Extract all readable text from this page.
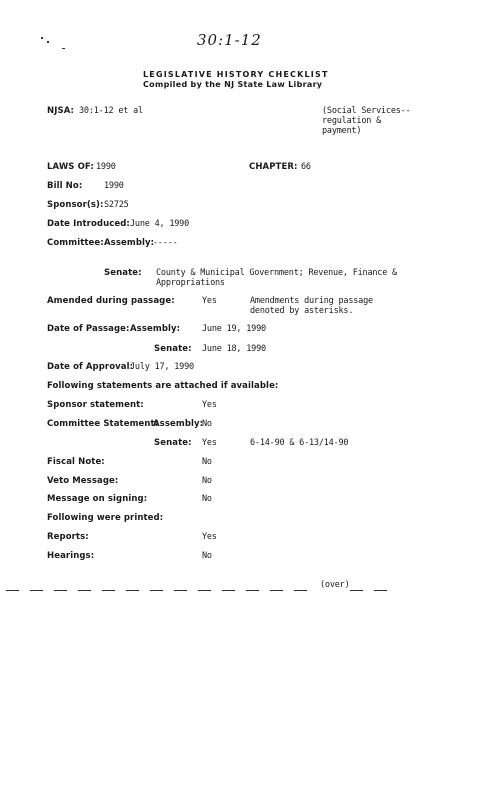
30:1-12
LEGISLATIVE HISTORY CHECKLIST
Compiled by the NJ State Law Library
NJSA: 30:1-12 et al	(Social Services--
regulation &
payment)
LAWS OF: 1990	CHAPTER: 66
Bill No:	1990
Sponsor(s): S2725
Date Introduced: June 4, 1990
Committee: Assembly:
-----
Senate: County & Municipal Government; Revenue, Finance &
Appropriations
Amended during passage:	Yes	Amendments during passage
denoted by asterisks.
Date of Passage: Assembly:	June 19, 1990
Senate: June 18, 1990
Date of Approval:
July 17, 1990
Following statements are attached if available:
Sponsor statement:	Yes
Committee Statement:
Assembly:
No
Senate: Yes	6-14-90 & 6-13/14-90
Fiscal Note:	No
Veto Message:	No
Message on signing:	No
Following were printed:
Reports:	Yes
Hearings:	No
(over)
